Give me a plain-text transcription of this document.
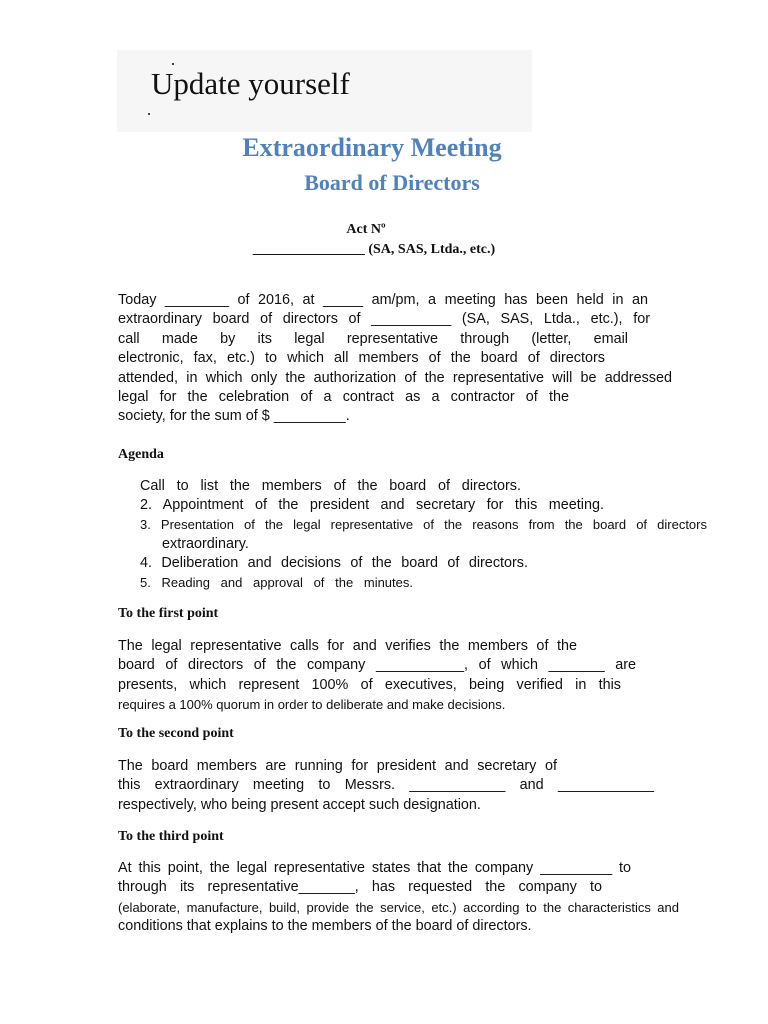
Update yourself
Extraordinary Meeting
Board of Directors
Act Nº
________________ (SA, SAS, Ltda., etc.)
Today ________ of 2016, at _____ am/pm, a meeting has been held in an
extraordinary board of directors of __________ (SA, SAS, Ltda., etc.), for
call made by its legal representative through (letter, email
electronic, fax, etc.) to which all members of the board of directors
attended, in which only the authorization of the representative will be addressed
legal for the celebration of a contract as a contractor of the
society, for the sum of $ _________.
Agenda
Call to list the members of the board of directors.
2. Appointment of the president and secretary for this meeting.
3. Presentation of the legal representative of the reasons from the board of directors
extraordinary.
4. Deliberation and decisions of the board of directors.
5. Reading and approval of the minutes.
To the first point
The legal representative calls for and verifies the members of the
board of directors of the company ___________, of which _______ are
presents, which represent 100% of executives, being verified in this
requires a 100% quorum in order to deliberate and make decisions.
To the second point
The board members are running for president and secretary of
this extraordinary meeting to Messrs. ____________ and ____________
respectively, who being present accept such designation.
To the third point
At this point, the legal representative states that the company _________ to
through its representative_______, has requested the company to
(elaborate, manufacture, build, provide the service, etc.) according to the characteristics and
conditions that explains to the members of the board of directors.
